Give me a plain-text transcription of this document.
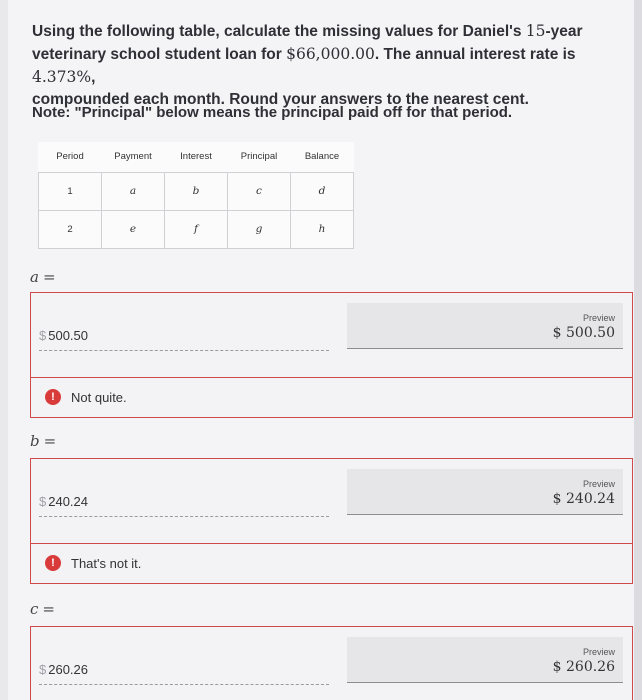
Using the following table, calculate the missing values for Daniel's 15-year
veterinary school student loan for $66,000.00. The annual interest rate is 4.373%,
compounded each month. Round your answers to the nearest cent.
Note: "Principal" below means the principal paid off for that period.
Period	Payment	Interest	Principal	Balance
1	a	b	c	d
2	e	f	g	h
a =
$ 500.50
Preview
$ 500.50
!	Not quite.
b =
$ 240.24
Preview
$ 240.24
!	That's not it.
c =
$ 260.26
Preview
$ 260.26
